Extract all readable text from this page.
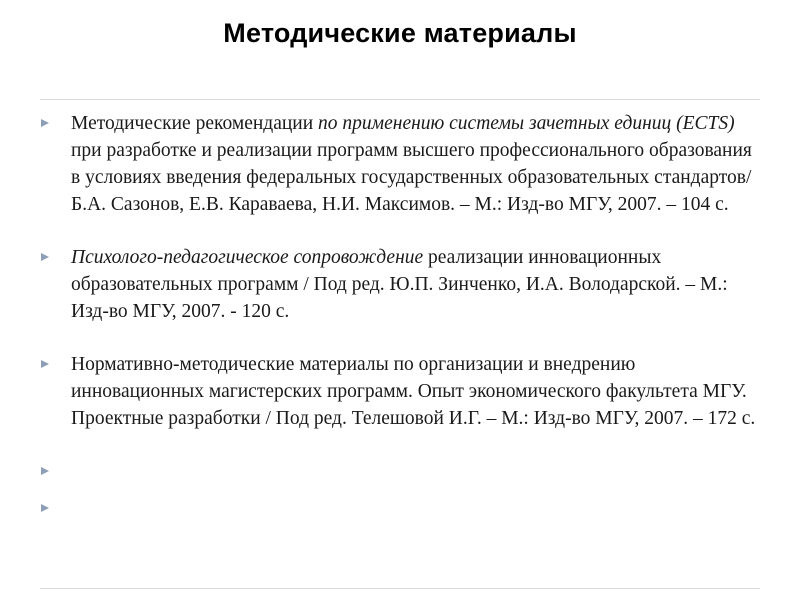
Методические материалы
Методические рекомендации по применению системы зачетных единиц (ECTS) при разработке и реализации программ высшего профессионального образования в условиях введения федеральных государственных образовательных стандартов/ Б.А. Сазонов, Е.В. Караваева, Н.И. Максимов. – М.: Изд-во МГУ, 2007. – 104 с.
Психолого-педагогическое сопровождение реализации инновационных образовательных программ / Под ред. Ю.П. Зинченко, И.А. Володарской. – М.: Изд-во МГУ, 2007. - 120 с.
Нормативно-методические материалы по организации и внедрению инновационных магистерских программ. Опыт экономического факультета МГУ. Проектные разработки / Под ред. Телешовой И.Г. – М.: Изд-во МГУ, 2007. – 172 с.
